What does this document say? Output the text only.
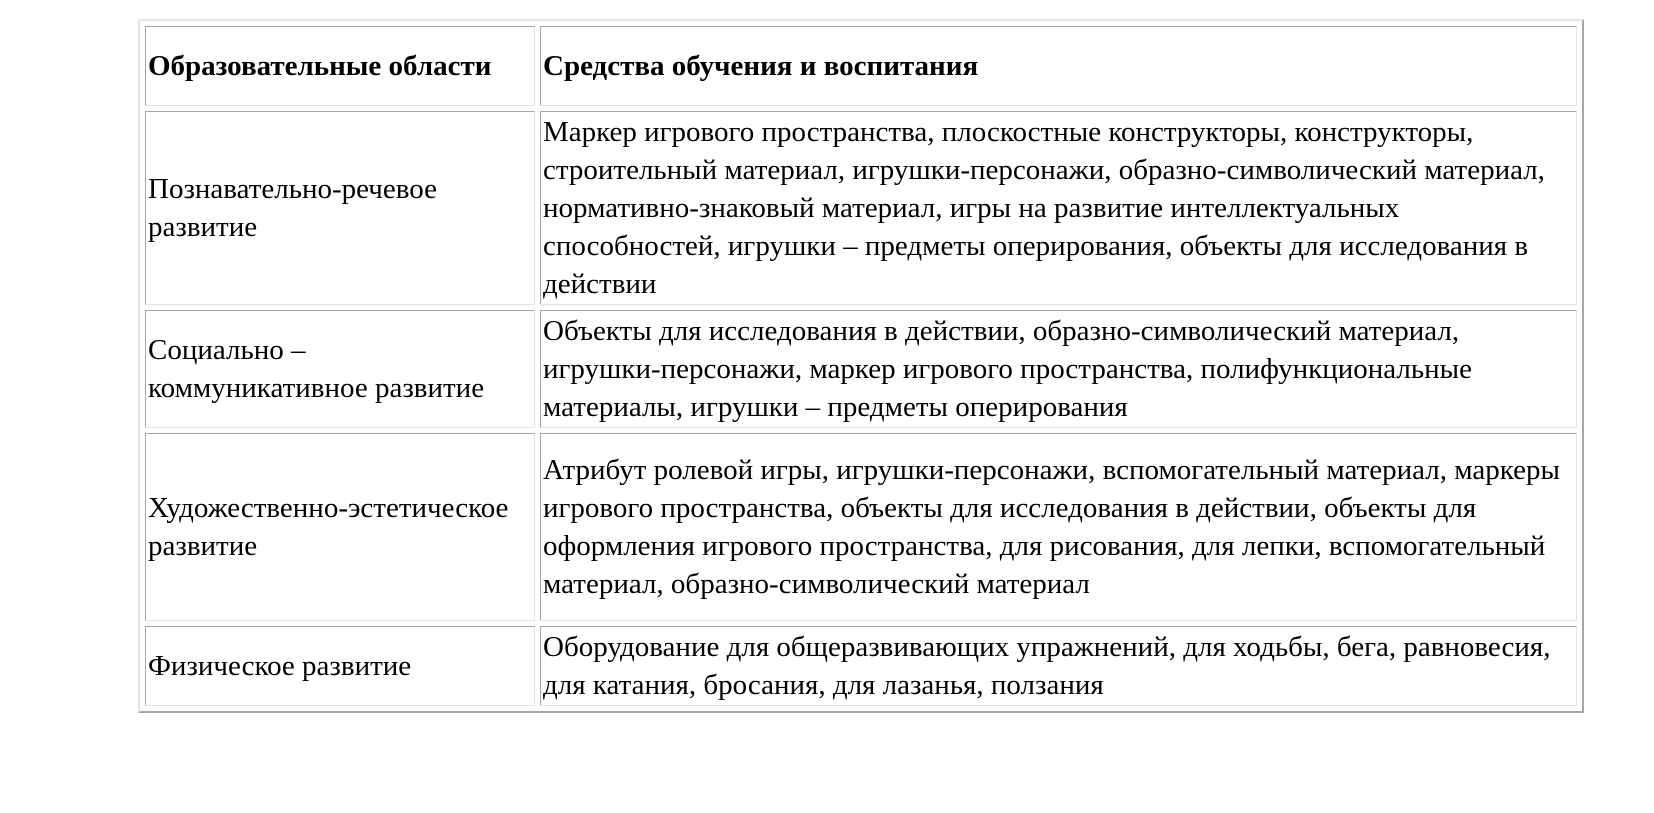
Образовательные области	Средства обучения и воспитания
Познавательно-речевое развитие	Маркер игрового пространства, плоскостные конструкторы, конструкторы, строительный материал, игрушки-персонажи, образно-символический материал, нормативно-знаковый материал, игры на развитие интеллектуальных способностей, игрушки – предметы оперирования, объекты для исследования в действии
Социально – коммуникативное развитие	Объекты для исследования в действии, образно-символический материал, игрушки-персонажи, маркер игрового пространства, полифункциональные материалы, игрушки – предметы оперирования
Художественно-эстетическое развитие	Атрибут ролевой игры, игрушки-персонажи, вспомогательный материал, маркеры игрового пространства, объекты для исследования в действии, объекты для оформления игрового пространства, для рисования, для лепки, вспомогательный материал, образно-символический материал
Физическое развитие	Оборудование для общеразвивающих упражнений, для ходьбы, бега, равновесия, для катания, бросания, для лазанья, ползания
